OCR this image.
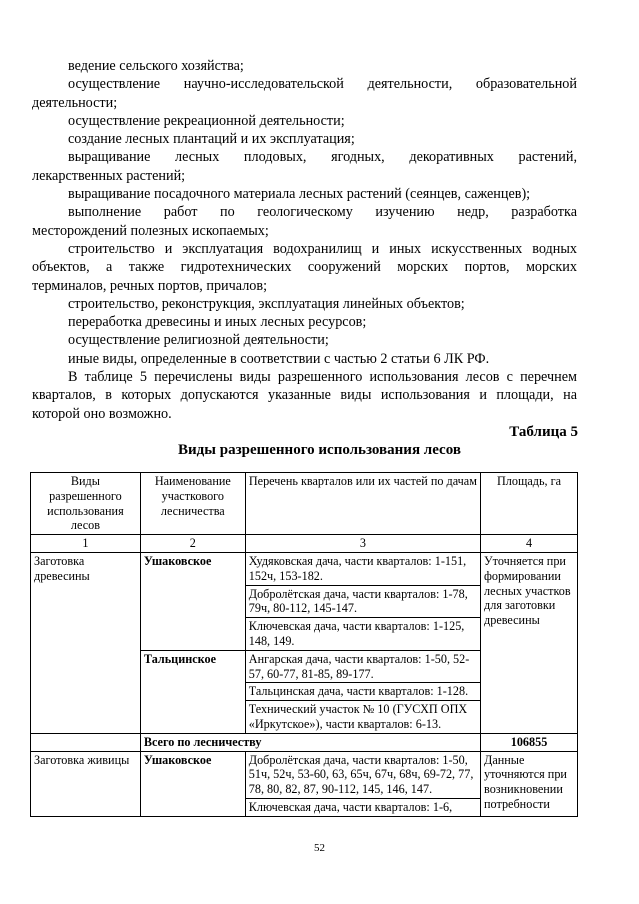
ведение сельского хозяйства;
осуществление научно-исследовательской деятельности, образовательной
деятельности;
осуществление рекреационной деятельности;
создание лесных плантаций и их эксплуатация;
выращивание лесных плодовых, ягодных, декоративных растений,
лекарственных растений;
выращивание посадочного материала лесных растений (сеянцев, саженцев);
выполнение работ по геологическому изучению недр, разработка
месторождений полезных ископаемых;
строительство и эксплуатация водохранилищ и иных искусственных водных
объектов, а также гидротехнических сооружений морских портов, морских
терминалов, речных портов, причалов;
строительство, реконструкция, эксплуатация линейных объектов;
переработка древесины и иных лесных ресурсов;
осуществление религиозной деятельности;
иные виды, определенные в соответствии с частью 2 статьи 6 ЛК РФ.
В таблице 5 перечислены виды разрешенного использования лесов с перечнем
кварталов, в которых допускаются указанные виды использования и площади, на
которой оно возможно.
Таблица 5
Виды разрешенного использования лесов
Виды разрешенного использования лесов	Наименование участкового лесничества	Перечень кварталов или их частей по дачам	Площадь, га
1	2	3	4
Заготовка древесины	Ушаковское	Худяковская дача, части кварталов: 1-151, 152ч, 153-182.	Уточняется при формировании лесных участков для заготовки древесины
		Добролётская дача, части кварталов: 1-78, 79ч, 80-112, 145-147.	
		Ключевская дача, части кварталов: 1-125, 148, 149.	
	Тальцинское	Ангарская дача, части кварталов: 1-50, 52-57, 60-77, 81-85, 89-177.	
		Тальцинская дача, части кварталов: 1-128.	
		Технический участок № 10 (ГУСХП ОПХ «Иркутское»), части кварталов: 6-13.	
	Всего по лесничеству		106855
Заготовка живицы	Ушаковское	Добролётская дача, части кварталов: 1-50, 51ч, 52ч, 53-60, 63, 65ч, 67ч, 68ч, 69-72, 77, 78, 80, 82, 87, 90-112, 145, 146, 147.	Данные уточняются при возникновении потребности
		Ключевская дача, части кварталов: 1-6,	
52
